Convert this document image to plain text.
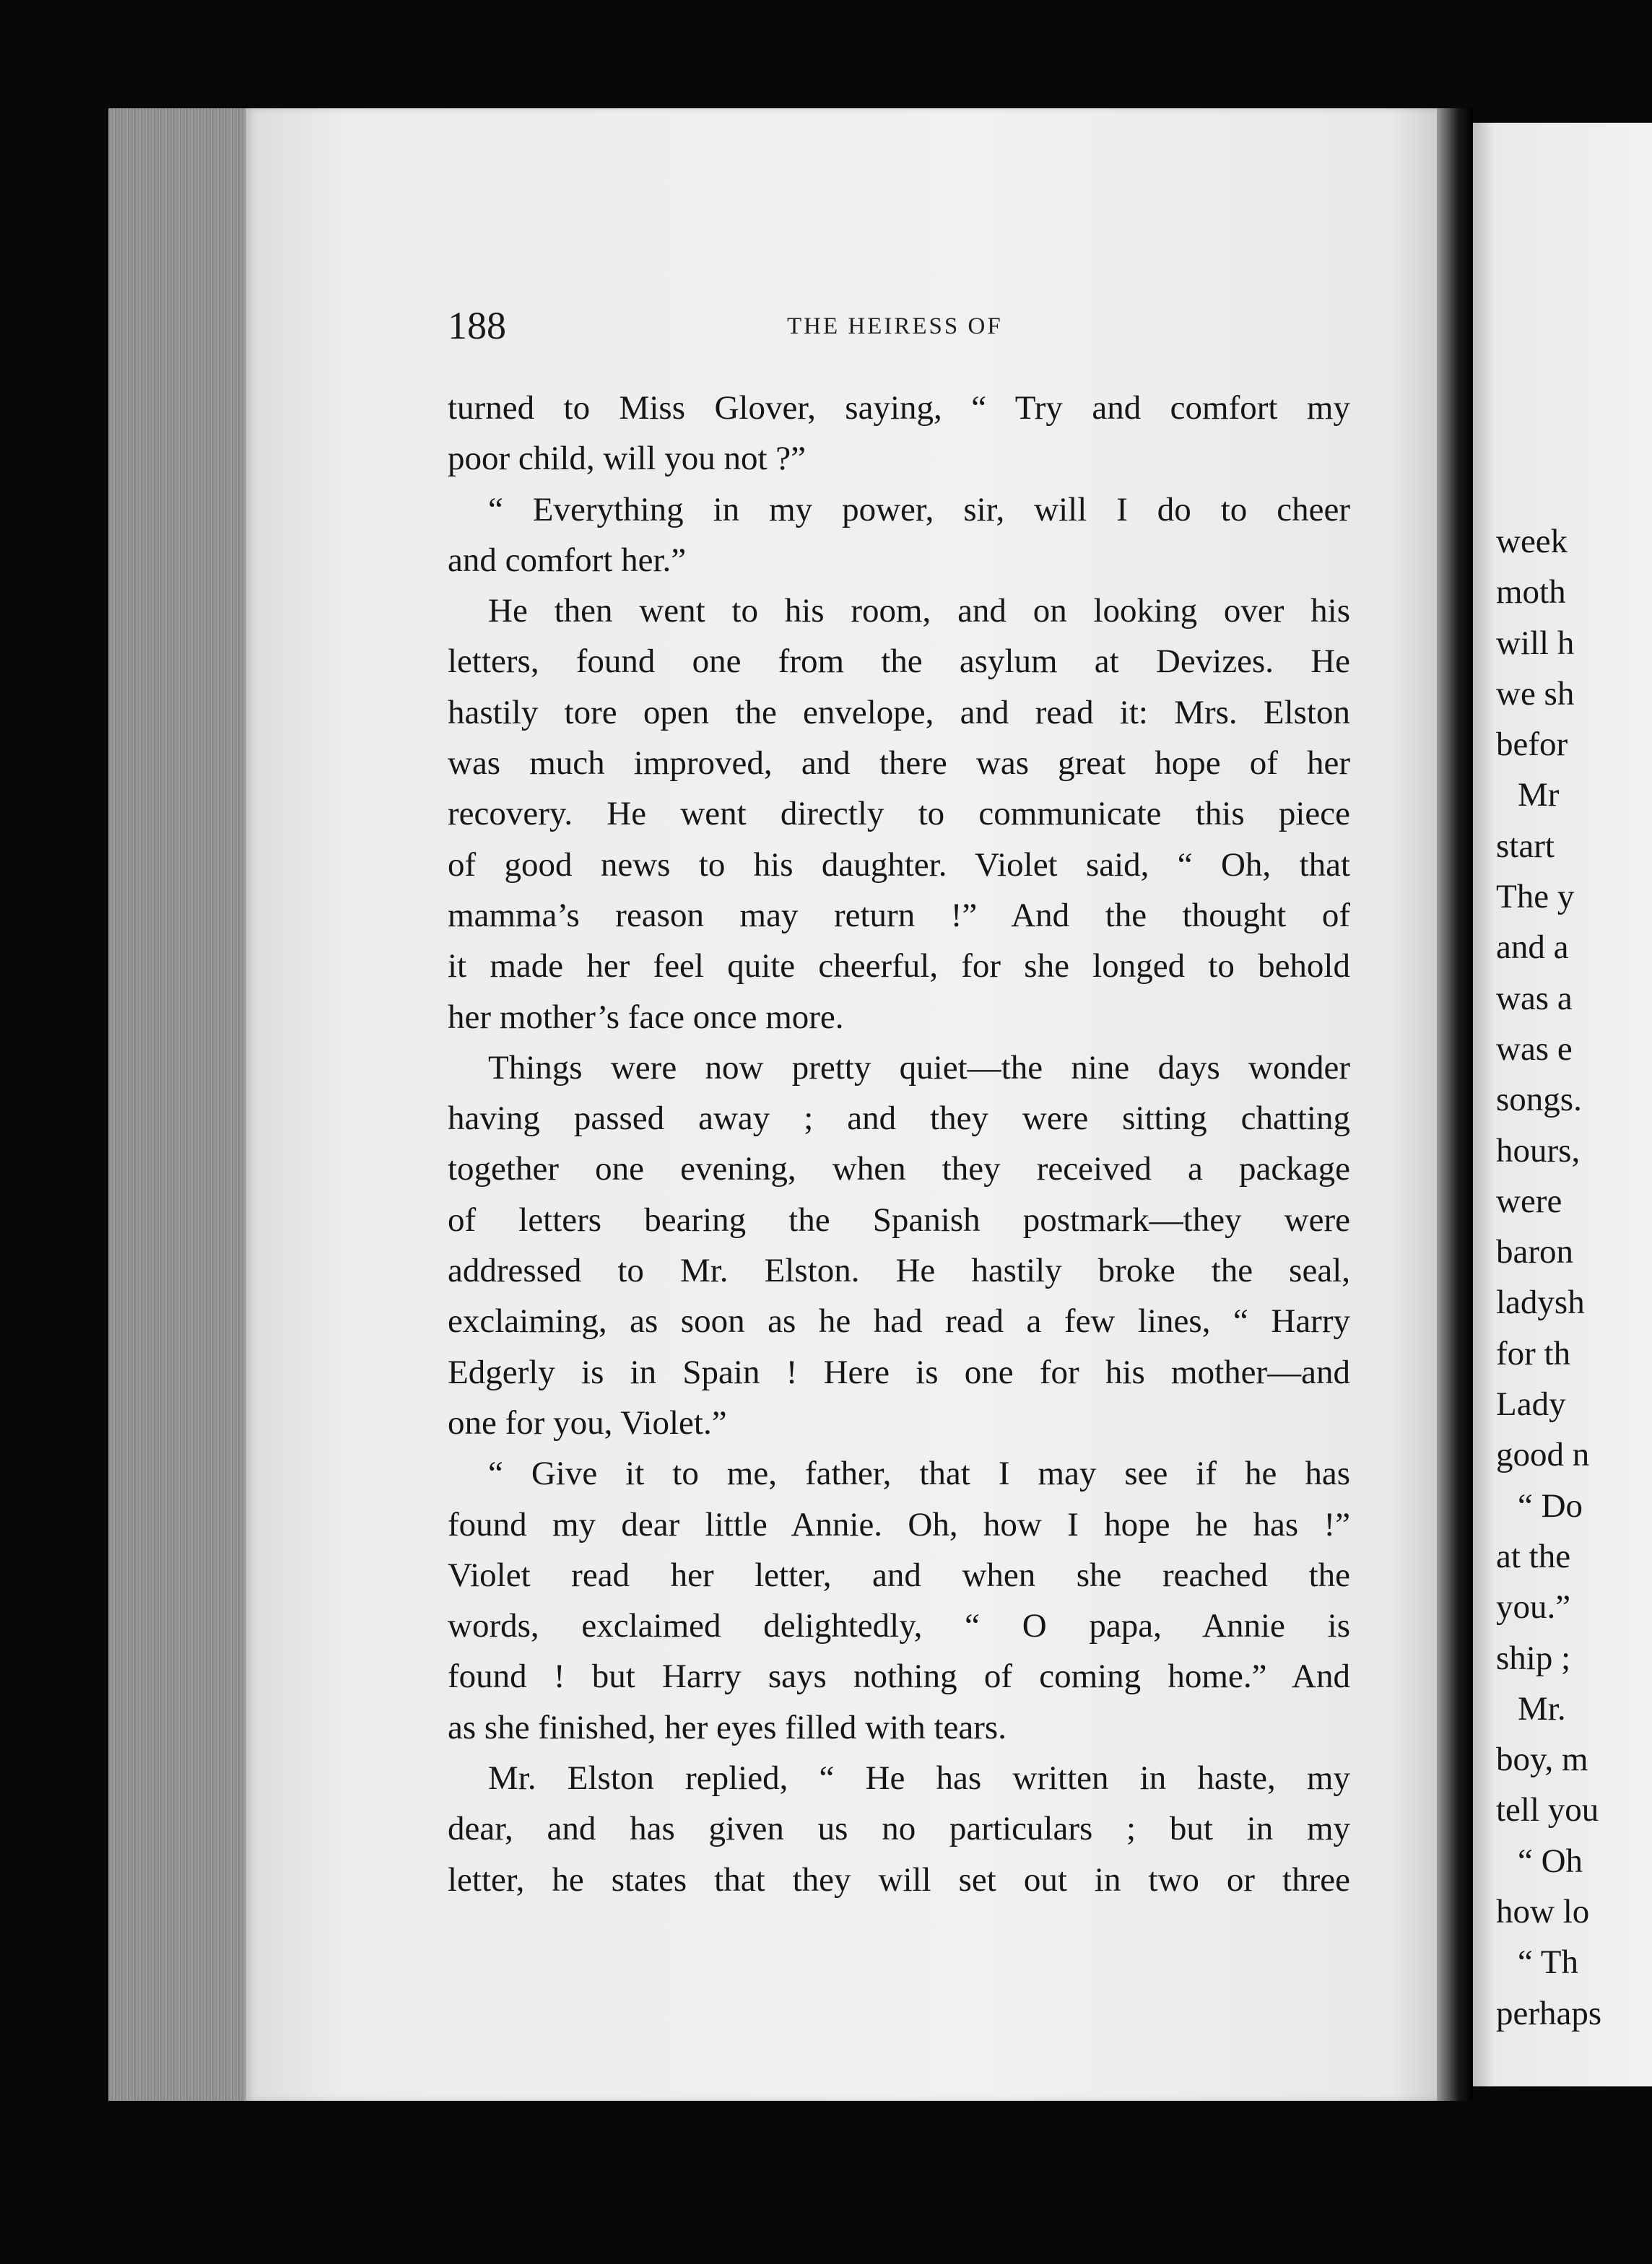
week
moth
will h
we sh
befor
Mr
start
The y
and a
was a
was e
songs.
hours,
were
baron
ladysh
for th
Lady
good n
“ Do
at the
you.”
ship ;
Mr.
boy, m
tell you
“ Oh
how lo
“ Th
perhaps
188	THE HEIRESS OF
turned to Miss Glover, saying, “ Try and comfort my
poor child, will you not ?”
“ Everything in my power, sir, will I do to cheer
and comfort her.”
He then went to his room, and on looking over his
letters, found one from the asylum at Devizes. He
hastily tore open the envelope, and read it: Mrs. Elston
was much improved, and there was great hope of her
recovery. He went directly to communicate this piece
of good news to his daughter. Violet said, “ Oh, that
mamma’s reason may return !” And the thought of
it made her feel quite cheerful, for she longed to behold
her mother’s face once more.
Things were now pretty quiet—the nine days wonder
having passed away ; and they were sitting chatting
together one evening, when they received a package
of letters bearing the Spanish postmark—they were
addressed to Mr. Elston. He hastily broke the seal,
exclaiming, as soon as he had read a few lines, “ Harry
Edgerly is in Spain ! Here is one for his mother—and
one for you, Violet.”
“ Give it to me, father, that I may see if he has
found my dear little Annie. Oh, how I hope he has !”
Violet read her letter, and when she reached the
words, exclaimed delightedly, “ O papa, Annie is
found ! but Harry says nothing of coming home.” And
as she finished, her eyes filled with tears.
Mr. Elston replied, “ He has written in haste, my
dear, and has given us no particulars ; but in my
letter, he states that they will set out in two or three
